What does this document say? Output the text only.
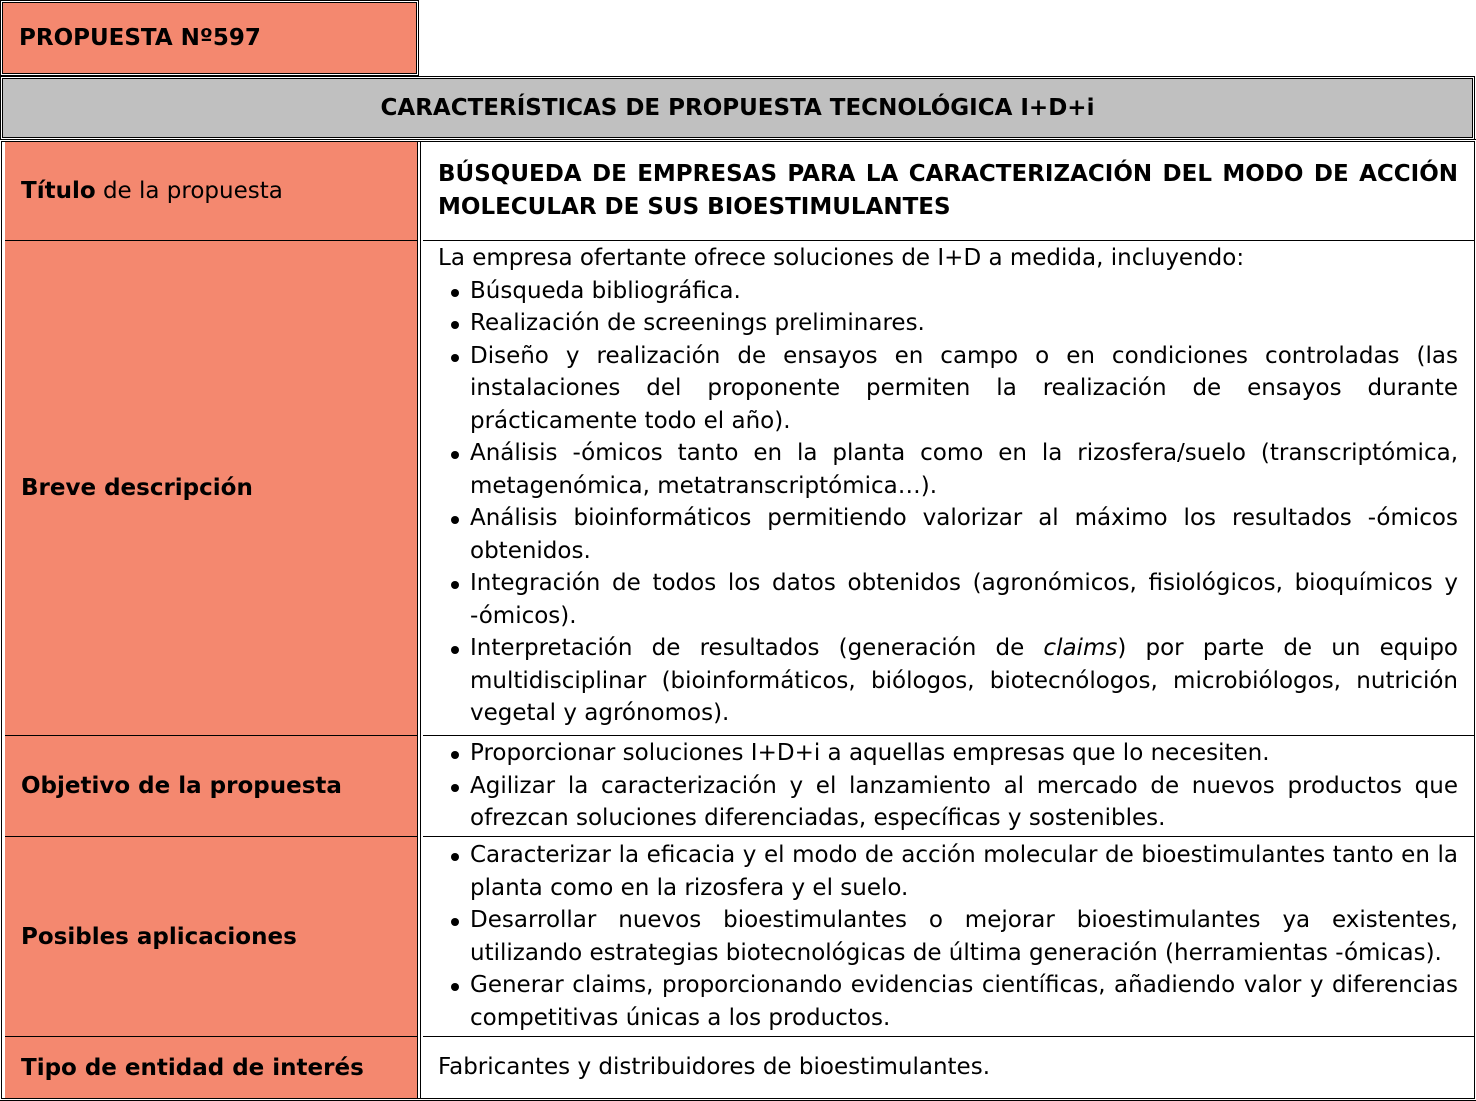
PROPUESTA Nº597
CARACTERÍSTICAS DE PROPUESTA TECNOLÓGICA I+D+i
Título de la propuesta
BÚSQUEDA DE EMPRESAS PARA LA CARACTERIZACIÓN DEL MODO DE ACCIÓN MOLECULAR DE SUS BIOESTIMULANTES
Breve descripción
La empresa ofertante ofrece soluciones de I+D a medida, incluyendo:
Búsqueda bibliográfica.
Realización de screenings preliminares.
Diseño y realización de ensayos en campo o en condiciones controladas (las instalaciones del proponente permiten la realización de ensayos durante prácticamente todo el año).
Análisis -ómicos tanto en la planta como en la rizosfera/suelo (transcriptómica, metagenómica, metatranscriptómica…).
Análisis bioinformáticos permitiendo valorizar al máximo los resultados -ómicos obtenidos.
Integración de todos los datos obtenidos (agronómicos, fisiológicos, bioquímicos y -ómicos).
Interpretación de resultados (generación de claims) por parte de un equipo multidisciplinar (bioinformáticos, biólogos, biotecnólogos, microbiólogos, nutrición vegetal y agrónomos).
Objetivo de la propuesta
Proporcionar soluciones I+D+i a aquellas empresas que lo necesiten.
Agilizar la caracterización y el lanzamiento al mercado de nuevos productos que ofrezcan soluciones diferenciadas, específicas y sostenibles.
Posibles aplicaciones
Caracterizar la eficacia y el modo de acción molecular de bioestimulantes tanto en la planta como en la rizosfera y el suelo.
Desarrollar nuevos bioestimulantes o mejorar bioestimulantes ya existentes, utilizando estrategias biotecnológicas de última generación (herramientas -ómicas).
Generar claims, proporcionando evidencias científicas, añadiendo valor y diferencias competitivas únicas a los productos.
Tipo de entidad de interés	Fabricantes y distribuidores de bioestimulantes.
